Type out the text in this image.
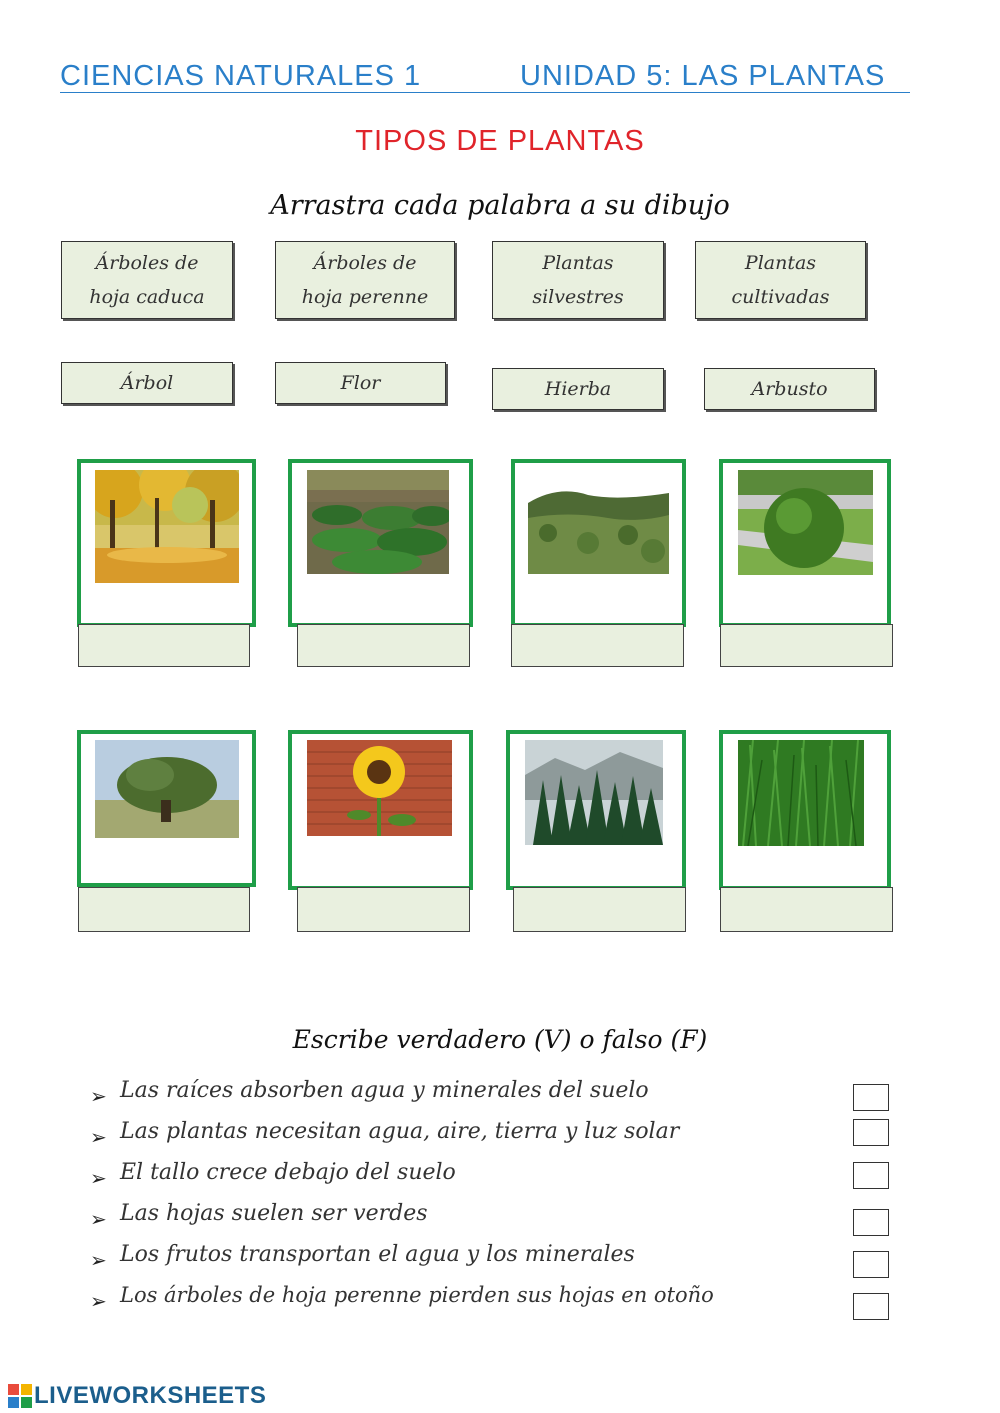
CIENCIAS NATURALES 1	UNIDAD 5: LAS PLANTAS
TIPOS DE PLANTAS
Arrastra cada palabra a su dibujo
Árboles de
hoja caduca
Árboles de
hoja perenne
Plantas
silvestres
Plantas
cultivadas
Árbol	Flor	Hierba	Arbusto
Escribe verdadero (V) o falso (F)
➢ Las raíces absorben agua y minerales del suelo
➢ Las plantas necesitan agua, aire, tierra y luz solar
➢ El tallo crece debajo del suelo
➢ Las hojas suelen ser verdes
➢ Los frutos transportan el agua y los minerales
➢ Los árboles de hoja perenne pierden sus hojas en otoño
LIVEWORKSHEETS
